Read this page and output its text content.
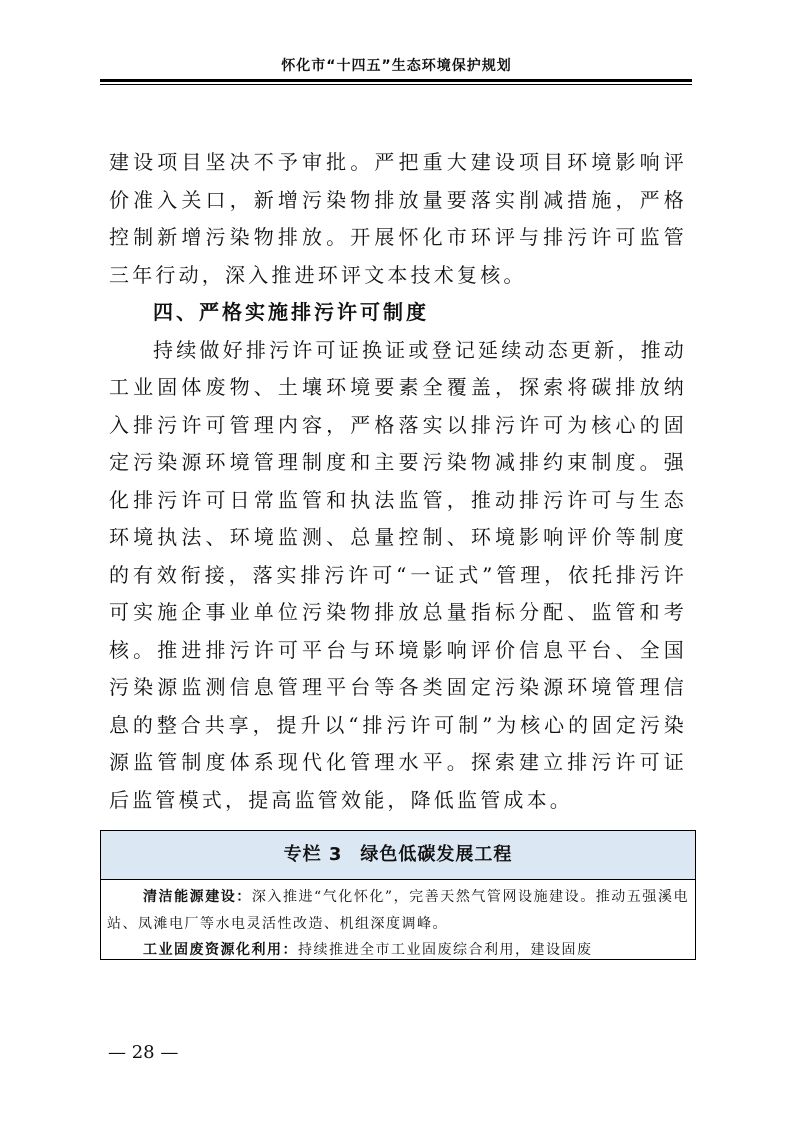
怀化市“十四五”生态环境保护规划

建设项目坚决不予审批。严把重大建设项目环境影响评价准入关口，新增污染物排放量要落实削减措施，严格控制新增污染物排放。开展怀化市环评与排污许可监管三年行动，深入推进环评文本技术复核。

四、严格实施排污许可制度

持续做好排污许可证换证或登记延续动态更新，推动工业固体废物、土壤环境要素全覆盖，探索将碳排放纳入排污许可管理内容，严格落实以排污许可为核心的固定污染源环境管理制度和主要污染物减排约束制度。强化排污许可日常监管和执法监管，推动排污许可与生态环境执法、环境监测、总量控制、环境影响评价等制度的有效衔接，落实排污许可“一证式”管理，依托排污许可实施企事业单位污染物排放总量指标分配、监管和考核。推进排污许可平台与环境影响评价信息平台、全国污染源监测信息管理平台等各类固定污染源环境管理信息的整合共享，提升以“排污许可制”为核心的固定污染源监管制度体系现代化管理水平。探索建立排污许可证后监管模式，提高监管效能，降低监管成本。

专栏 3 绿色低碳发展工程

清洁能源建设：深入推进“气化怀化”，完善天然气管网设施建设。推动五强溪电站、凤滩电厂等水电灵活性改造、机组深度调峰。

工业固废资源化利用：持续推进全市工业固废综合利用，建设固废

— 28 —
